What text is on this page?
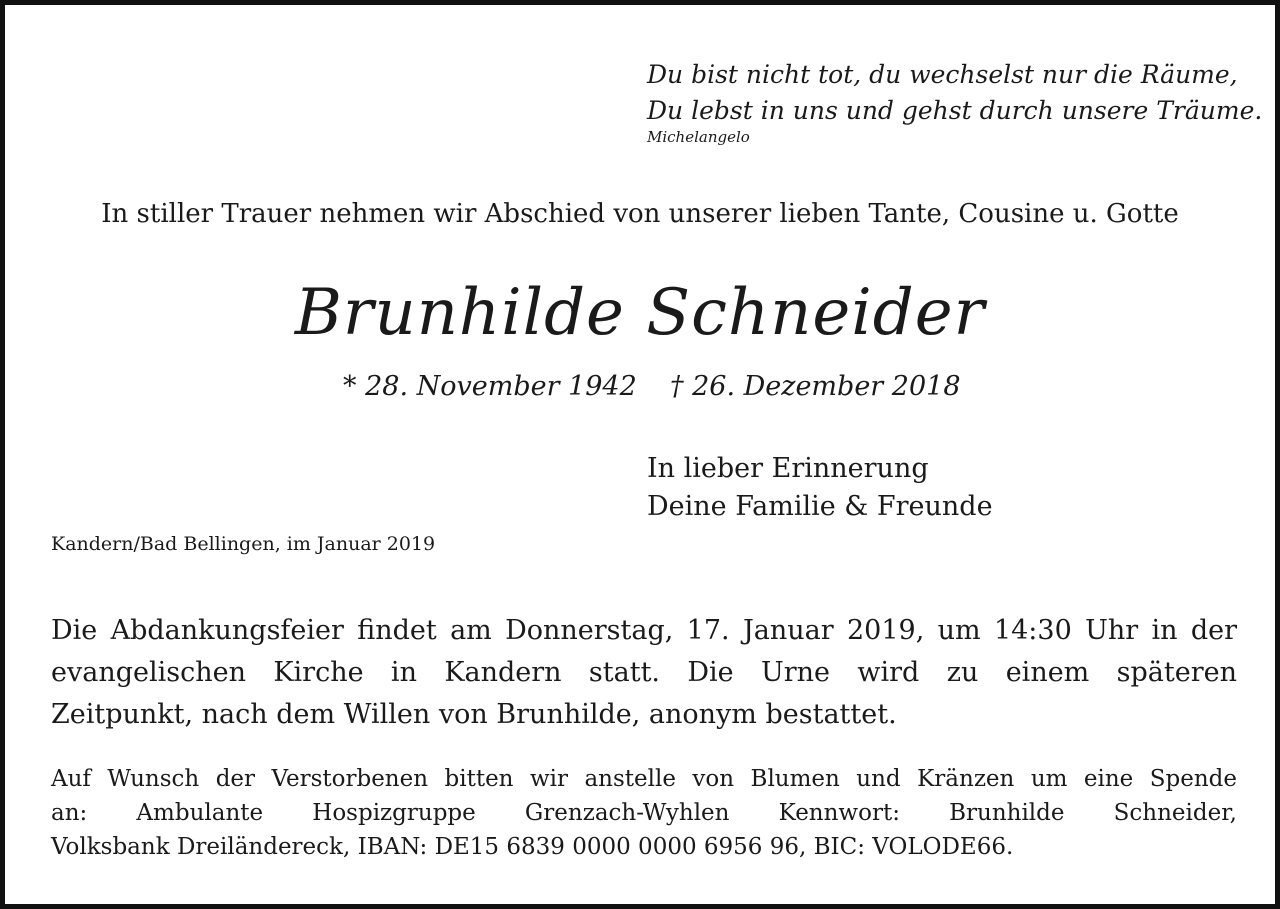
Du bist nicht tot, du wechselst nur die Räume,
Du lebst in uns und gehst durch unsere Träume.
Michelangelo
In stiller Trauer nehmen wir Abschied von unserer lieben Tante, Cousine u. Gotte
Brunhilde Schneider
* 28. November 1942 † 26. Dezember 2018
In lieber Erinnerung
Deine Familie & Freunde
Kandern/Bad Bellingen, im Januar 2019
Die Abdankungsfeier findet am Donnerstag, 17. Januar 2019, um 14:30 Uhr in der
evangelischen Kirche in Kandern statt. Die Urne wird zu einem späteren
Zeitpunkt, nach dem Willen von Brunhilde, anonym bestattet.
Auf Wunsch der Verstorbenen bitten wir anstelle von Blumen und Kränzen um eine Spende
an: Ambulante Hospizgruppe Grenzach-Wyhlen Kennwort: Brunhilde Schneider,
Volksbank Dreiländereck, IBAN: DE15 6839 0000 0000 6956 96, BIC: VOLODE66.
